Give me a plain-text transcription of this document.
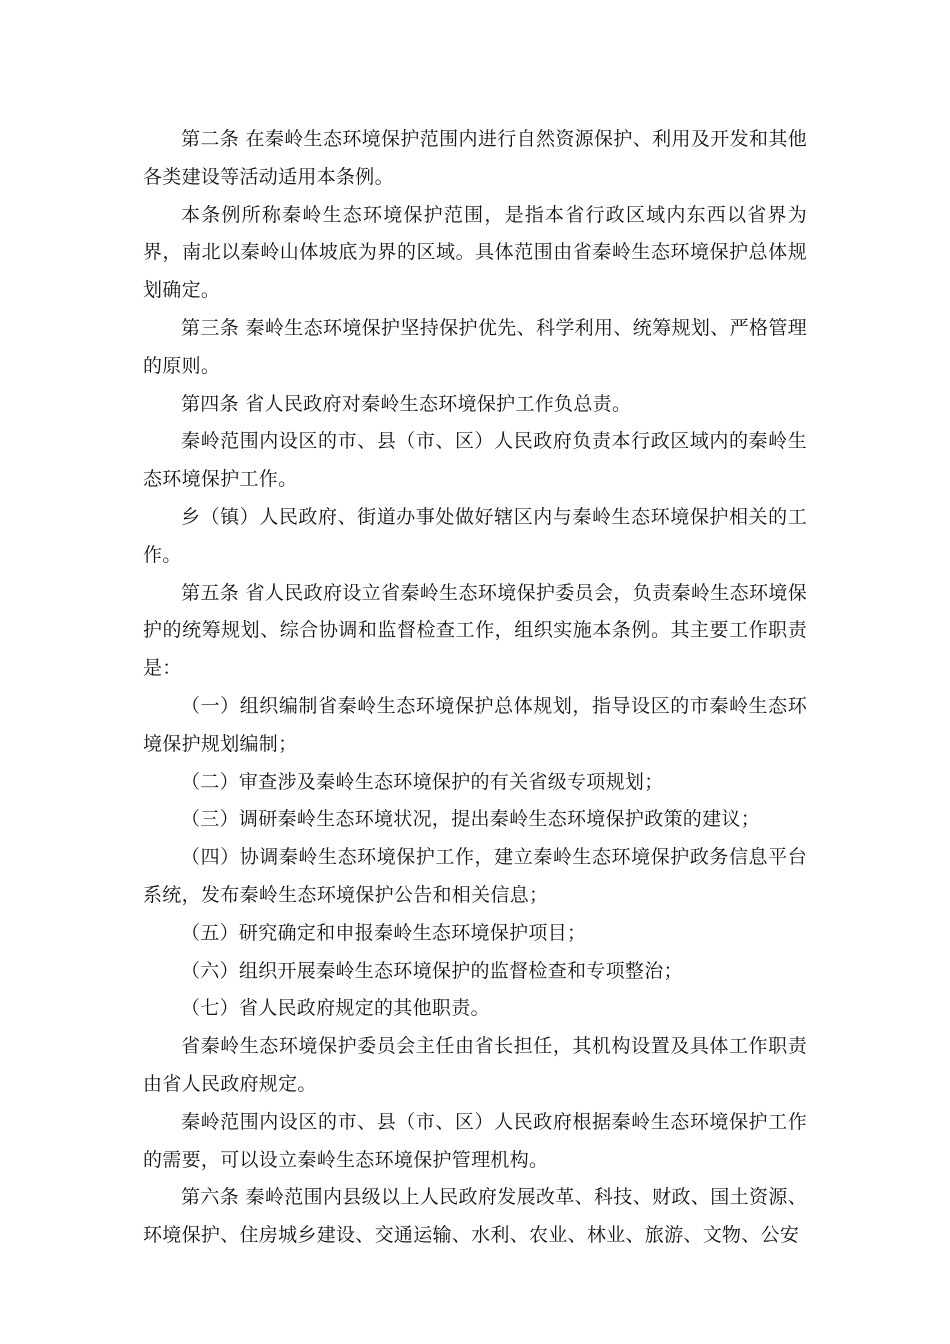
第二条 在秦岭生态环境保护范围内进行自然资源保护、利用及开发和其他各类建设等活动适用本条例。

本条例所称秦岭生态环境保护范围，是指本省行政区域内东西以省界为界，南北以秦岭山体坡底为界的区域。具体范围由省秦岭生态环境保护总体规划确定。

第三条 秦岭生态环境保护坚持保护优先、科学利用、统筹规划、严格管理的原则。

第四条 省人民政府对秦岭生态环境保护工作负总责。

秦岭范围内设区的市、县（市、区）人民政府负责本行政区域内的秦岭生态环境保护工作。

乡（镇）人民政府、街道办事处做好辖区内与秦岭生态环境保护相关的工作。

第五条 省人民政府设立省秦岭生态环境保护委员会，负责秦岭生态环境保护的统筹规划、综合协调和监督检查工作，组织实施本条例。其主要工作职责是：

（一）组织编制省秦岭生态环境保护总体规划，指导设区的市秦岭生态环境保护规划编制；

（二）审查涉及秦岭生态环境保护的有关省级专项规划；

（三）调研秦岭生态环境状况，提出秦岭生态环境保护政策的建议；

（四）协调秦岭生态环境保护工作，建立秦岭生态环境保护政务信息平台系统，发布秦岭生态环境保护公告和相关信息；

（五）研究确定和申报秦岭生态环境保护项目；

（六）组织开展秦岭生态环境保护的监督检查和专项整治；

（七）省人民政府规定的其他职责。

省秦岭生态环境保护委员会主任由省长担任，其机构设置及具体工作职责由省人民政府规定。

秦岭范围内设区的市、县（市、区）人民政府根据秦岭生态环境保护工作的需要，可以设立秦岭生态环境保护管理机构。

第六条 秦岭范围内县级以上人民政府发展改革、科技、财政、国土资源、环境保护、住房城乡建设、交通运输、水利、农业、林业、旅游、文物、公安
